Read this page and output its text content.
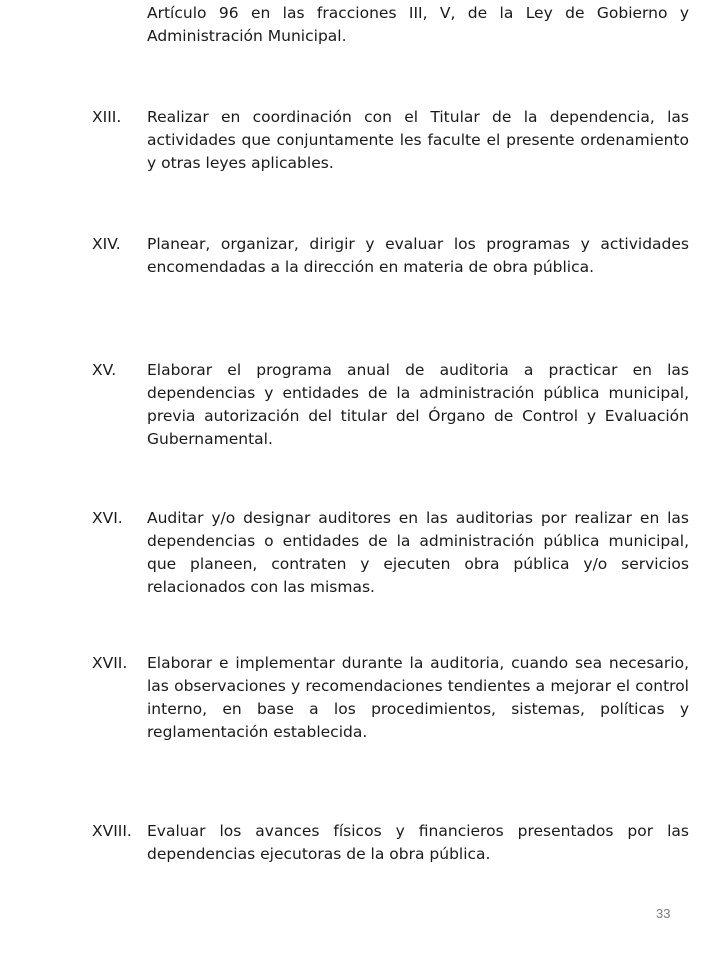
Artículo 96 en las fracciones III, V, de la Ley de Gobierno y Administración Municipal.

XIII.	Realizar en coordinación con el Titular de la dependencia, las actividades que conjuntamente les faculte el presente ordenamiento y otras leyes aplicables.

XIV.	Planear, organizar, dirigir y evaluar los programas y actividades encomendadas a la dirección en materia de obra pública.

XV.	Elaborar el programa anual de auditoria a practicar en las dependencias y entidades de la administración pública municipal, previa autorización del titular del Órgano de Control y Evaluación Gubernamental.

XVI.	Auditar y/o designar auditores en las auditorias por realizar en las dependencias o entidades de la administración pública municipal, que planeen, contraten y ejecuten obra pública y/o servicios relacionados con las mismas.

XVII.	Elaborar e implementar durante la auditoria, cuando sea necesario, las observaciones y recomendaciones tendientes a mejorar el control interno, en base a los procedimientos, sistemas, políticas y reglamentación establecida.

XVIII. Evaluar los avances físicos y financieros presentados por las dependencias ejecutoras de la obra pública.

33
